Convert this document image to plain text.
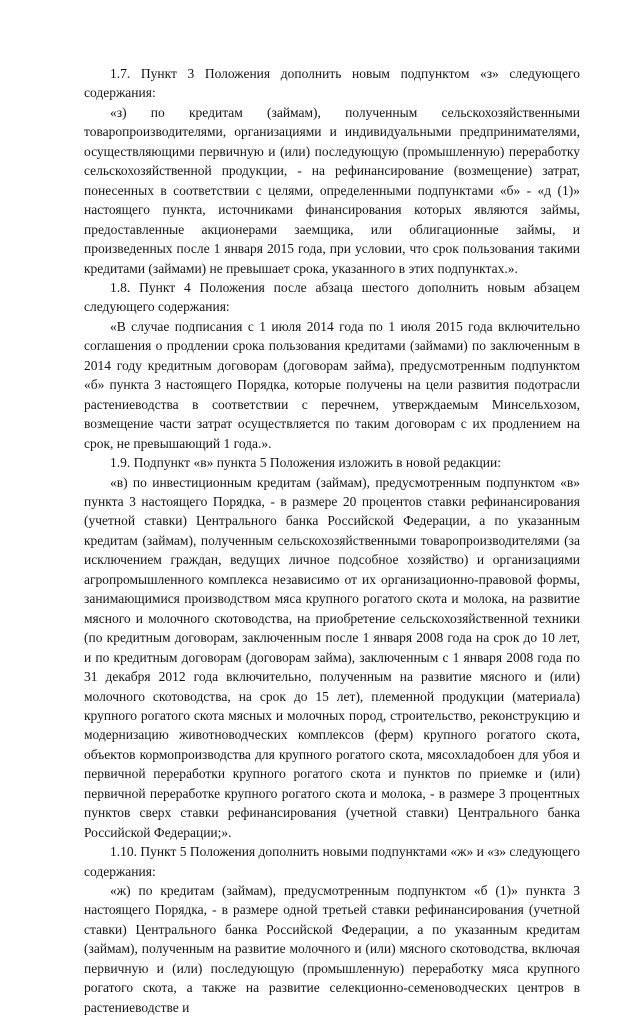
1.7. Пункт 3 Положения дополнить новым подпунктом «з» следующего содержания:

«з) по кредитам (займам), полученным сельскохозяйственными товаропроизводителями, организациями и индивидуальными предпринимателями, осуществляющими первичную и (или) последующую (промышленную) переработку сельскохозяйственной продукции, - на рефинансирование (возмещение) затрат, понесенных в соответствии с целями, определенными подпунктами «б» - «д (1)» настоящего пункта, источниками финансирования которых являются займы, предоставленные акционерами заемщика, или облигационные займы, и произведенных после 1 января 2015 года, при условии, что срок пользования такими кредитами (займами) не превышает срока, указанного в этих подпунктах.».

1.8. Пункт 4 Положения после абзаца шестого дополнить новым абзацем следующего содержания:

«В случае подписания с 1 июля 2014 года по 1 июля 2015 года включительно соглашения о продлении срока пользования кредитами (займами) по заключенным в 2014 году кредитным договорам (договорам займа), предусмотренным подпунктом «б» пункта 3 настоящего Порядка, которые получены на цели развития подотрасли растениеводства в соответствии с перечнем, утверждаемым Минсельхозом, возмещение части затрат осуществляется по таким договорам с их продлением на срок, не превышающий 1 года.».

1.9. Подпункт «в» пункта 5 Положения изложить в новой редакции:

«в) по инвестиционным кредитам (займам), предусмотренным подпунктом «в» пункта 3 настоящего Порядка, - в размере 20 процентов ставки рефинансирования (учетной ставки) Центрального банка Российской Федерации, а по указанным кредитам (займам), полученным сельскохозяйственными товаропроизводителями (за исключением граждан, ведущих личное подсобное хозяйство) и организациями агропромышленного комплекса независимо от их организационно-правовой формы, занимающимися производством мяса крупного рогатого скота и молока, на развитие мясного и молочного скотоводства, на приобретение сельскохозяйственной техники (по кредитным договорам, заключенным после 1 января 2008 года на срок до 10 лет, и по кредитным договорам (договорам займа), заключенным с 1 января 2008 года по 31 декабря 2012 года включительно, полученным на развитие мясного и (или) молочного скотоводства, на срок до 15 лет), племенной продукции (материала) крупного рогатого скота мясных и молочных пород, строительство, реконструкцию и модернизацию животноводческих комплексов (ферм) крупного рогатого скота, объектов кормопроизводства для крупного рогатого скота, мясохладобоен для убоя и первичной переработки крупного рогатого скота и пунктов по приемке и (или) первичной переработке крупного рогатого скота и молока, - в размере 3 процентных пунктов сверх ставки рефинансирования (учетной ставки) Центрального банка Российской Федерации;».

1.10. Пункт 5 Положения дополнить новыми подпунктами «ж» и «з» следующего содержания:

«ж) по кредитам (займам), предусмотренным подпунктом «б (1)» пункта 3 настоящего Порядка, - в размере одной третьей ставки рефинансирования (учетной ставки) Центрального банка Российской Федерации, а по указанным кредитам (займам), полученным на развитие молочного и (или) мясного скотоводства, включая первичную и (или) последующую (промышленную) переработку мяса крупного рогатого скота, а также на развитие селекционно-семеноводческих центров в растениеводстве и
